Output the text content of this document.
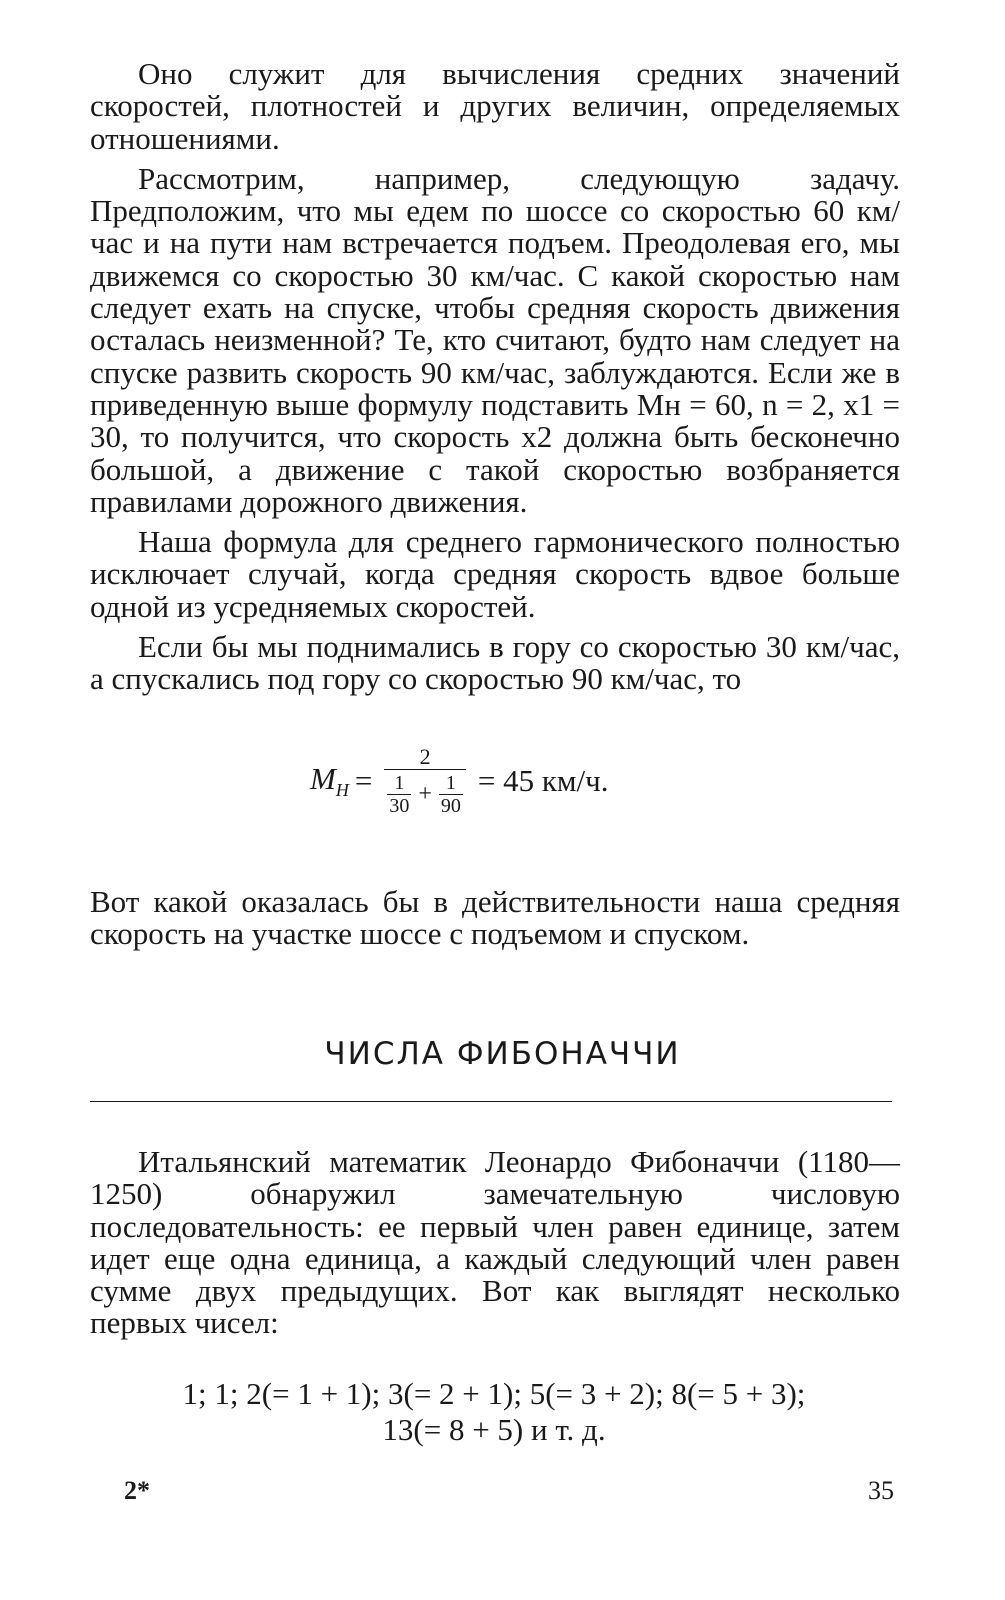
Оно служит для вычисления средних значений скоростей, плотностей и других величин, определяемых отношениями.

Рассмотрим, например, следующую задачу. Предположим, что мы едем по шоссе со скоростью 60 км/час и на пути нам встречается подъем. Преодолевая его, мы движемся со скоростью 30 км/час. С какой скоростью нам следует ехать на спуске, чтобы средняя скорость движения осталась неизменной? Те, кто считают, будто нам следует на спуске развить скорость 90 км/час, заблуждаются. Если же в приведенную выше формулу подставить Mн = 60, n = 2, x1 = 30, то получится, что скорость x2 должна быть бесконечно большой, а движение с такой скоростью возбраняется правилами дорожного движения.

Наша формула для среднего гармонического полностью исключает случай, когда средняя скорость вдвое больше одной из усредняемых скоростей.

Если бы мы поднимались в гору со скоростью 30 км/час, а спускались под гору со скоростью 90 км/час, то

$M_H$ =
2
$\frac{1}{30} + \frac{1}{90} = 45$ км/ч.

Вот какой оказалась бы в действительности наша средняя скорость на участке шоссе с подъемом и спуском.

ЧИСЛА ФИБОНАЧЧИ

Итальянский математик Леонардо Фибоначчи (1180—1250) обнаружил замечательную числовую последовательность: ее первый член равен единице, затем идет еще одна единица, а каждый следующий член равен сумме двух предыдущих. Вот как выглядят несколько первых чисел:

1; 1; 2(= 1 + 1); 3(= 2 + 1); 5(= 3 + 2); 8(= 5 + 3);
13(= 8 + 5) и т. д.
2*	35
